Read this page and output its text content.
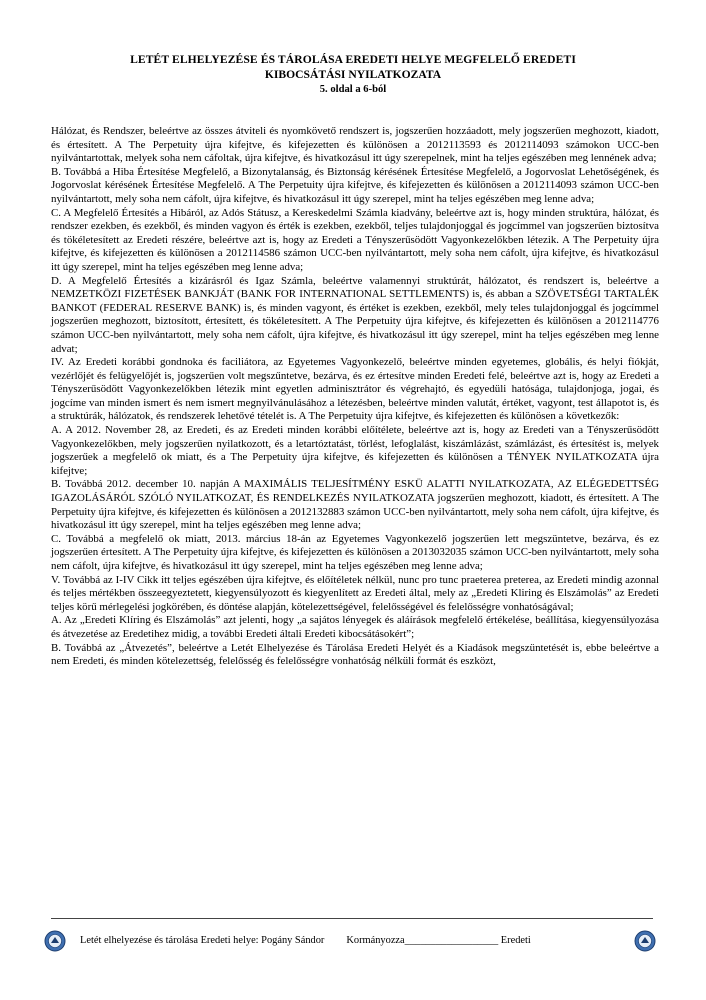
LETÉT ELHELYEZÉSE ÉS TÁROLÁSA EREDETI HELYE MEGFELELŐ EREDETI
KIBOCSÁTÁSI NYILATKOZATA
5. oldal a 6-ból

Hálózat, és Rendszer, beleértve az összes átviteli és nyomkövető rendszert is, jogszerűen hozzáadott, mely jogszerűen meghozott, kiadott, és értesített. A The Perpetuity újra kifejtve, és kifejezetten és különösen a 2012113593 és 2012114093 számokon UCC-ben nyilvántartottak, melyek soha nem cáfoltak, újra kifejtve, és hivatkozásul itt úgy szerepelnek, mint ha teljes egészében meg lennének adva;

B. Továbbá a Hiba Értesítése Megfelelő, a Bizonytalanság, és Biztonság kérésének Értesítése Megfelelő, a Jogorvoslat Lehetőségének, és Jogorvoslat kérésének Értesítése Megfelelő. A The Perpetuity újra kifejtve, és kifejezetten és különösen a 2012114093 számon UCC-ben nyilvántartott, mely soha nem cáfolt, újra kifejtve, és hivatkozásul itt úgy szerepel, mint ha teljes egészében meg lenne adva;

C. A Megfelelő Értesítés a Hibáról, az Adós Státusz, a Kereskedelmi Számla kiadvány, beleértve azt is, hogy minden struktúra, hálózat, és rendszer ezekben, és ezekből, és minden vagyon és érték is ezekben, ezekből, teljes tulajdonjoggal és jogcímmel van jogszerűen biztosítva és tökéletesített az Eredeti részére, beleértve azt is, hogy az Eredeti a Tényszerűsödött Vagyonkezelőkben létezik. A The Perpetuity újra kifejtve, és kifejezetten és különösen a 2012114586 számon UCC-ben nyilvántartott, mely soha nem cáfolt, újra kifejtve, és hivatkozásul itt úgy szerepel, mint ha teljes egészében meg lenne adva;

D. A Megfelelő Értesítés a kizárásról és Igaz Számla, beleértve valamennyi struktúrát, hálózatot, és rendszert is, beleértve a NEMZETKÖZI FIZETÉSEK BANKJÁT (BANK FOR INTERNATIONAL SETTLEMENTS) is, és abban a SZÖVETSÉGI TARTALÉK BANKOT (FEDERAL RESERVE BANK) is, és minden vagyont, és értéket is ezekben, ezekből, mely teles tulajdonjoggal és jogcímmel jogszerűen meghozott, biztosított, értesített, és tökéletesített. A The Perpetuity újra kifejtve, és kifejezetten és különösen a 2012114776 számon UCC-ben nyilvántartott, mely soha nem cáfolt, újra kifejtve, és hivatkozásul itt úgy szerepel, mint ha teljes egészében meg lenne advat;

IV. Az Eredeti korábbi gondnoka és faciliátora, az Egyetemes Vagyonkezelő, beleértve minden egyetemes, globális, és helyi fiókját, vezérlőjét és felügyelőjét is, jogszerűen volt megszűntetve, bezárva, és ez értesítve minden Eredeti felé, beleértve azt is, hogy az Eredeti a Tényszerűsödött Vagyonkezelőkben létezik mint egyetlen adminisztrátor és végrehajtó, és egyedüli hatósága, tulajdonjoga, jogai, és jogcíme van minden ismert és nem ismert megnyilvánulásához a létezésben, beleértve minden valutát, értéket, vagyont, test állapotot is, és a struktúrák, hálózatok, és rendszerek lehetővé tételét is. A The Perpetuity újra kifejtve, és kifejezetten és különösen a következők:

A. A 2012. November 28, az Eredeti, és az Eredeti minden korábbi előítélete, beleértve azt is, hogy az Eredeti van a Tényszerűsödött Vagyonkezelőkben, mely jogszerűen nyilatkozott, és a letartóztatást, törlést, lefoglalást, kiszámlázást, számlázást, és értesítést is, melyek jogszerűek a megfelelő ok miatt, és a The Perpetuity újra kifejtve, és kifejezetten és különösen a TÉNYEK NYILATKOZATA újra kifejtve;

B. Továbbá 2012. december 10. napján A MAXIMÁLIS TELJESÍTMÉNY ESKÜ ALATTI NYILATKOZATA, AZ ELÉGEDETTSÉG IGAZOLÁSÁRÓL SZÓLÓ NYILATKOZAT, ÉS RENDELKEZÉS NYILATKOZATA jogszerűen meghozott, kiadott, és értesített. A The Perpetuity újra kifejtve, és kifejezetten és különösen a 2012132883 számon UCC-ben nyilvántartott, mely soha nem cáfolt, újra kifejtve, és hivatkozásul itt úgy szerepel, mint ha teljes egészében meg lenne adva;

C. Továbbá a megfelelő ok miatt, 2013. március 18-án az Egyetemes Vagyonkezelő jogszerűen lett megszüntetve, bezárva, és ez jogszerűen értesített. A The Perpetuity újra kifejtve, és kifejezetten és különösen a 2013032035 számon UCC-ben nyilvántartott, mely soha nem cáfolt, újra kifejtve, és hivatkozásul itt úgy szerepel, mint ha teljes egészében meg lenne adva;

V. Továbbá az I-IV Cikk itt teljes egészében újra kifejtve, és előítéletek nélkül, nunc pro tunc praeterea preterea, az Eredeti mindig azonnal és teljes mértékben összeegyeztetett, kiegyensúlyozott és kiegyenlített az Eredeti által, mely az „Eredeti Kliring és Elszámolás” az Eredeti teljes körű mérlegelési jogkörében, és döntése alapján, kötelezettségével, felelősségével és felelősségre vonhatóságával;

A. Az „Eredeti Klíring és Elszámolás” azt jelenti, hogy „a sajátos lényegek és aláírások megfelelő értékelése, beállítása, kiegyensúlyozása és átvezetése az Eredetihez midig, a további Eredeti általi Eredeti kibocsátásokért”;

B. Továbbá az „Átvezetés”, beleértve a Letét Elhelyezése és Tárolása Eredeti Helyét és a Kiadások megszüntetését is, ebbe beleértve a nem Eredeti, és minden kötelezettség, felelősség és felelősségre vonhatóság nélküli formát és eszközt,

Letét elhelyezése és tárolása Eredeti helye: Pogány Sándor Kormányozza__________________ Eredeti
